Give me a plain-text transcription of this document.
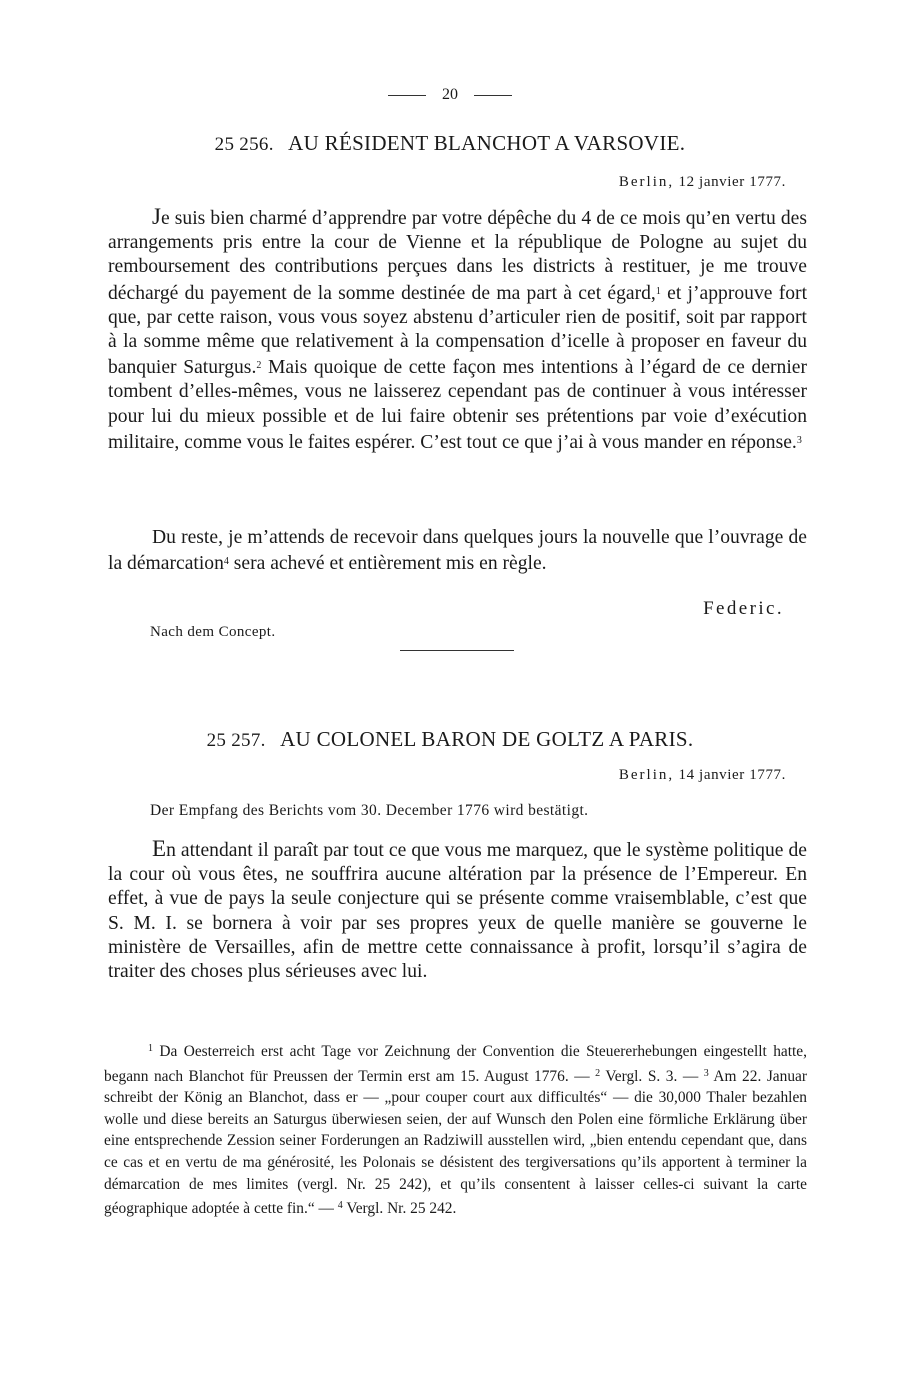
20
25 256. AU RÉSIDENT BLANCHOT A VARSOVIE.
Berlin, 12 janvier 1777.

Je suis bien charmé d’apprendre par votre dépêche du 4 de ce mois qu’en vertu des arrangements pris entre la cour de Vienne et la république de Pologne au sujet du remboursement des contributions perçues dans les districts à restituer, je me trouve déchargé du payement de la somme destinée de ma part à cet égard,$^1$ et j’approuve fort que, par cette raison, vous vous soyez abstenu d’articuler rien de positif, soit par rapport à la somme même que relativement à la compensation d’icelle à proposer en faveur du banquier Saturgus.$^2$ Mais quoique de cette façon mes intentions à l’égard de ce dernier tombent d’elles-mêmes, vous ne laisserez cependant pas de continuer à vous intéresser pour lui du mieux possible et de lui faire obtenir ses prétentions par voie d’exécution militaire, comme vous le faites espérer. C’est tout ce que j’ai à vous mander en réponse.$^3$

Du reste, je m’attends de recevoir dans quelques jours la nouvelle que l’ouvrage de la démarcation$^4$ sera achevé et entièrement mis en règle.

Federic.
Nach dem Concept.
25 257. AU COLONEL BARON DE GOLTZ A PARIS.
Berlin, 14 janvier 1777.
Der Empfang des Berichts vom 30. December 1776 wird bestätigt.

En attendant il paraît par tout ce que vous me marquez, que le système politique de la cour où vous êtes, ne souffrira aucune altération par la présence de l’Empereur. En effet, à vue de pays la seule conjecture qui se présente comme vraisemblable, c’est que S. M. I. se bornera à voir par ses propres yeux de quelle manière se gouverne le ministère de Versailles, afin de mettre cette connaissance à profit, lorsqu’il s’agira de traiter des choses plus sérieuses avec lui.

$^1$ Da Oesterreich erst acht Tage vor Zeichnung der Convention die Steuererhebungen eingestellt hatte, begann nach Blanchot für Preussen der Termin erst am 15. August 1776. — $^2$ Vergl. S. 3. — $^3$ Am 22. Januar schreibt der König an Blanchot, dass er — „pour couper court aux difficultés“ — die 30,000 Thaler bezahlen wolle und diese bereits an Saturgus überwiesen seien, der auf Wunsch den Polen eine förmliche Erklärung über eine entsprechende Zession seiner Forderungen an Radziwill ausstellen wird, „bien entendu cependant que, dans ce cas et en vertu de ma générosité, les Polonais se désistent des tergiversations qu’ils apportent à terminer la démarcation de mes limites (vergl. Nr. 25 242), et qu’ils consentent à laisser celles-ci suivant la carte géographique adoptée à cette fin.“ — $^4$ Vergl. Nr. 25 242.
